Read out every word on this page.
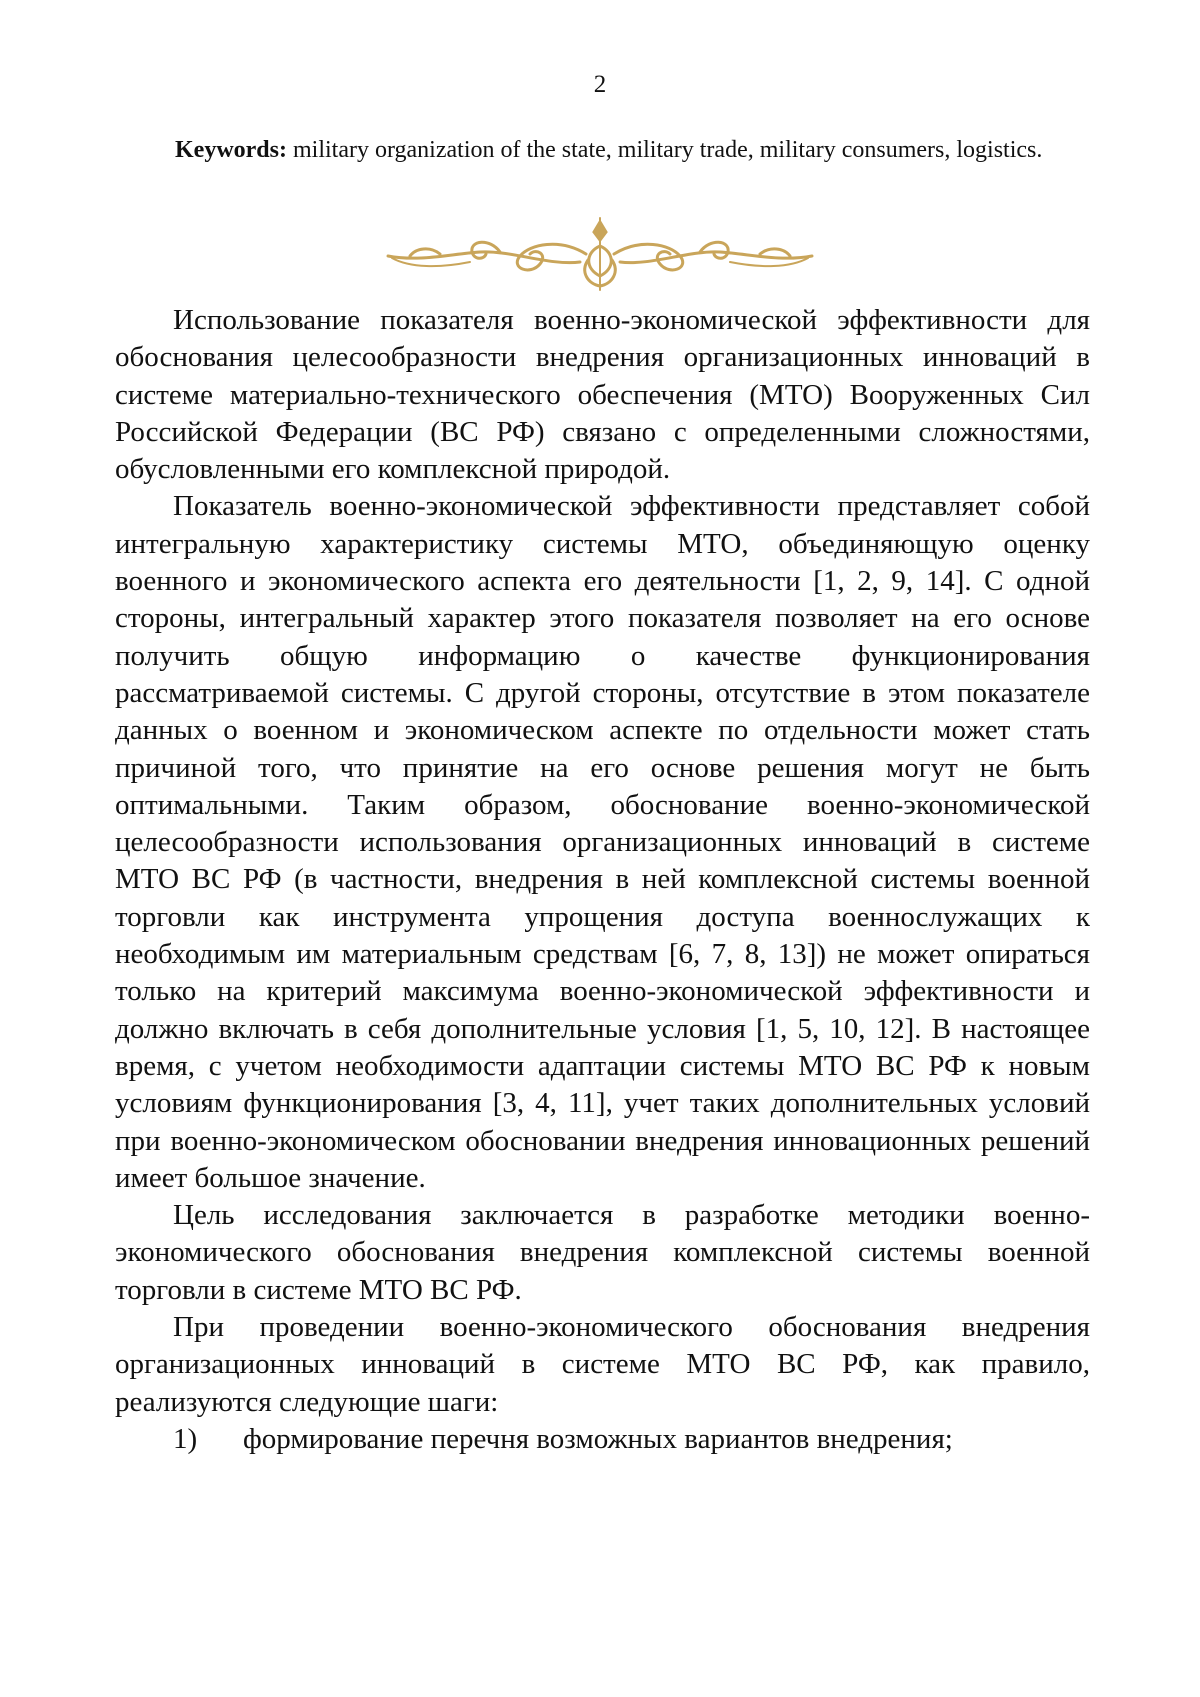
2
Keywords: military organization of the state, military trade, military consumers, logistics.

Использование показателя военно-экономической эффективности для обоснования целесообразности внедрения организационных инноваций в системе материально-технического обеспечения (МТО) Вооруженных Сил Российской Федерации (ВС РФ) связано с определенными сложностями, обусловленными его комплексной природой.

Показатель военно-экономической эффективности представляет собой интегральную характеристику системы МТО, объединяющую оценку военного и экономического аспекта его деятельности [1, 2, 9, 14]. С одной стороны, интегральный характер этого показателя позволяет на его основе получить общую информацию о качестве функционирования рассматриваемой системы. С другой стороны, отсутствие в этом показателе данных о военном и экономическом аспекте по отдельности может стать причиной того, что принятие на его основе решения могут не быть оптимальными. Таким образом, обоснование военно-экономической целесообразности использования организационных инноваций в системе МТО ВС РФ (в частности, внедрения в ней комплексной системы военной торговли как инструмента упрощения доступа военнослужащих к необходимым им материальным средствам [6, 7, 8, 13]) не может опираться только на критерий максимума военно-экономической эффективности и должно включать в себя дополнительные условия [1, 5, 10, 12]. В настоящее время, с учетом необходимости адаптации системы МТО ВС РФ к новым условиям функционирования [3, 4, 11], учет таких дополнительных условий при военно-экономическом обосновании внедрения инновационных решений имеет большое значение.

Цель исследования заключается в разработке методики военно-экономического обоснования внедрения комплексной системы военной торговли в системе МТО ВС РФ.

При проведении военно-экономического обоснования внедрения организационных инноваций в системе МТО ВС РФ, как правило, реализуются следующие шаги:

1)	формирование перечня возможных вариантов внедрения;
